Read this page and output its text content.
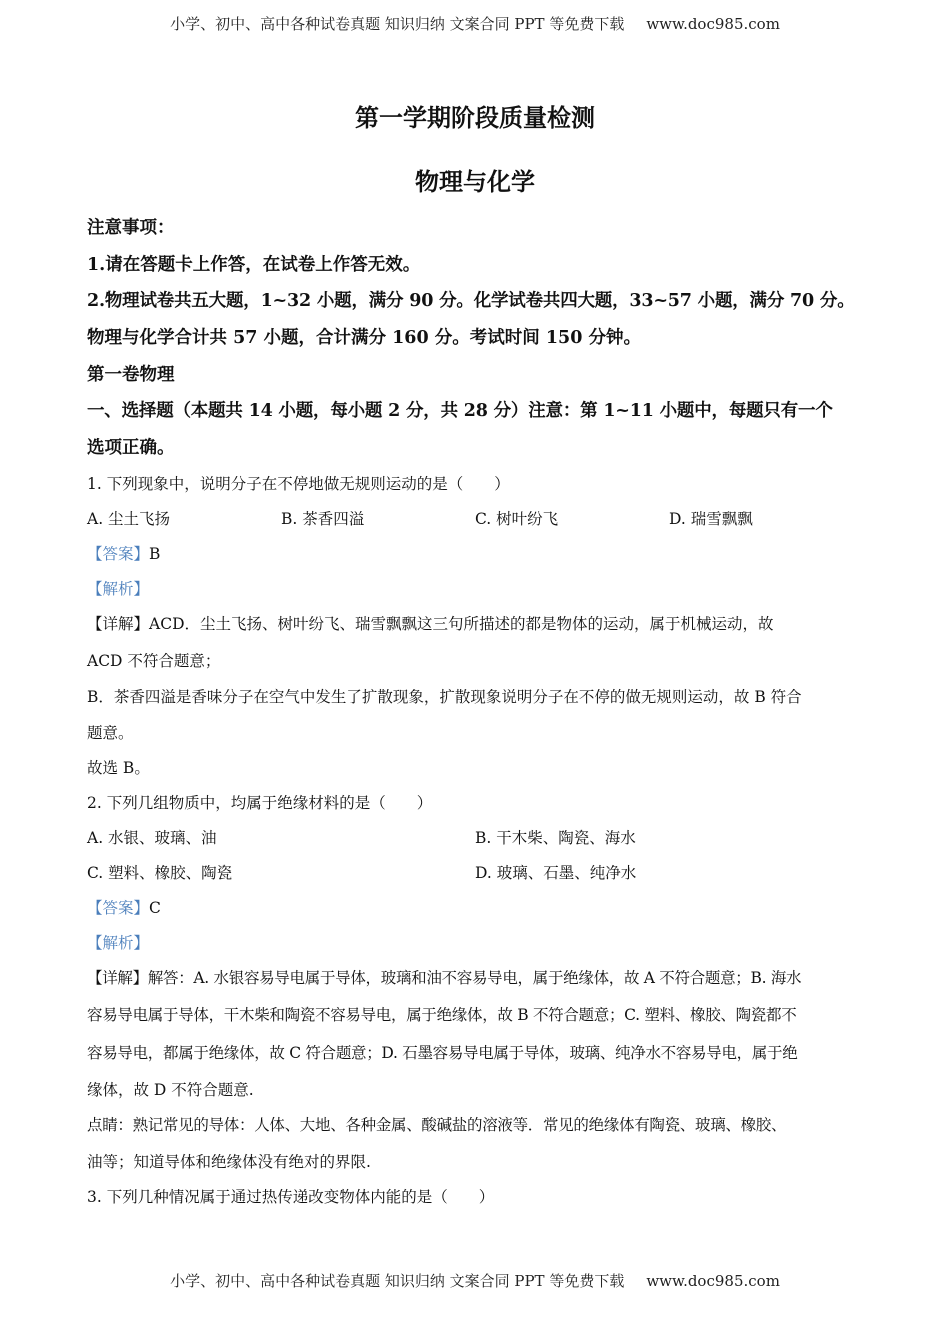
小学、初中、高中各种试卷真题 知识归纳 文案合同 PPT 等免费下载 www.doc985.com
第一学期阶段质量检测
物理与化学
注意事项：
1.请在答题卡上作答，在试卷上作答无效。
2.物理试卷共五大题，1~32 小题，满分 90 分。化学试卷共四大题，33~57 小题，满分 70 分。
物理与化学合计共 57 小题，合计满分 160 分。考试时间 150 分钟。
第一卷物理
一、选择题（本题共 14 小题，每小题 2 分，共 28 分）注意：第 1~11 小题中，每题只有一个
选项正确。
1. 下列现象中，说明分子在不停地做无规则运动的是（　　）
A. 尘土飞扬	B. 茶香四溢	C. 树叶纷飞	D. 瑞雪飘飘
【答案】B
【解析】
【详解】ACD．尘土飞扬、树叶纷飞、瑞雪飘飘这三句所描述的都是物体的运动，属于机械运动，故
ACD 不符合题意；
B．茶香四溢是香味分子在空气中发生了扩散现象，扩散现象说明分子在不停的做无规则运动，故 B 符合
题意。
故选 B。
2. 下列几组物质中，均属于绝缘材料的是（　　）
A. 水银、玻璃、油	B. 干木柴、陶瓷、海水
C. 塑料、橡胶、陶瓷	D. 玻璃、石墨、纯净水
【答案】C
【解析】
【详解】解答：A. 水银容易导电属于导体，玻璃和油不容易导电，属于绝缘体，故 A 不符合题意；B. 海水
容易导电属于导体，干木柴和陶瓷不容易导电，属于绝缘体，故 B 不符合题意；C. 塑料、橡胶、陶瓷都不
容易导电，都属于绝缘体，故 C 符合题意；D. 石墨容易导电属于导体，玻璃、纯净水不容易导电，属于绝
缘体，故 D 不符合题意.
点睛：熟记常见的导体：人体、大地、各种金属、酸碱盐的溶液等．常见的绝缘体有陶瓷、玻璃、橡胶、
油等；知道导体和绝缘体没有绝对的界限.
3. 下列几种情况属于通过热传递改变物体内能的是（　　）
小学、初中、高中各种试卷真题 知识归纳 文案合同 PPT 等免费下载 www.doc985.com
